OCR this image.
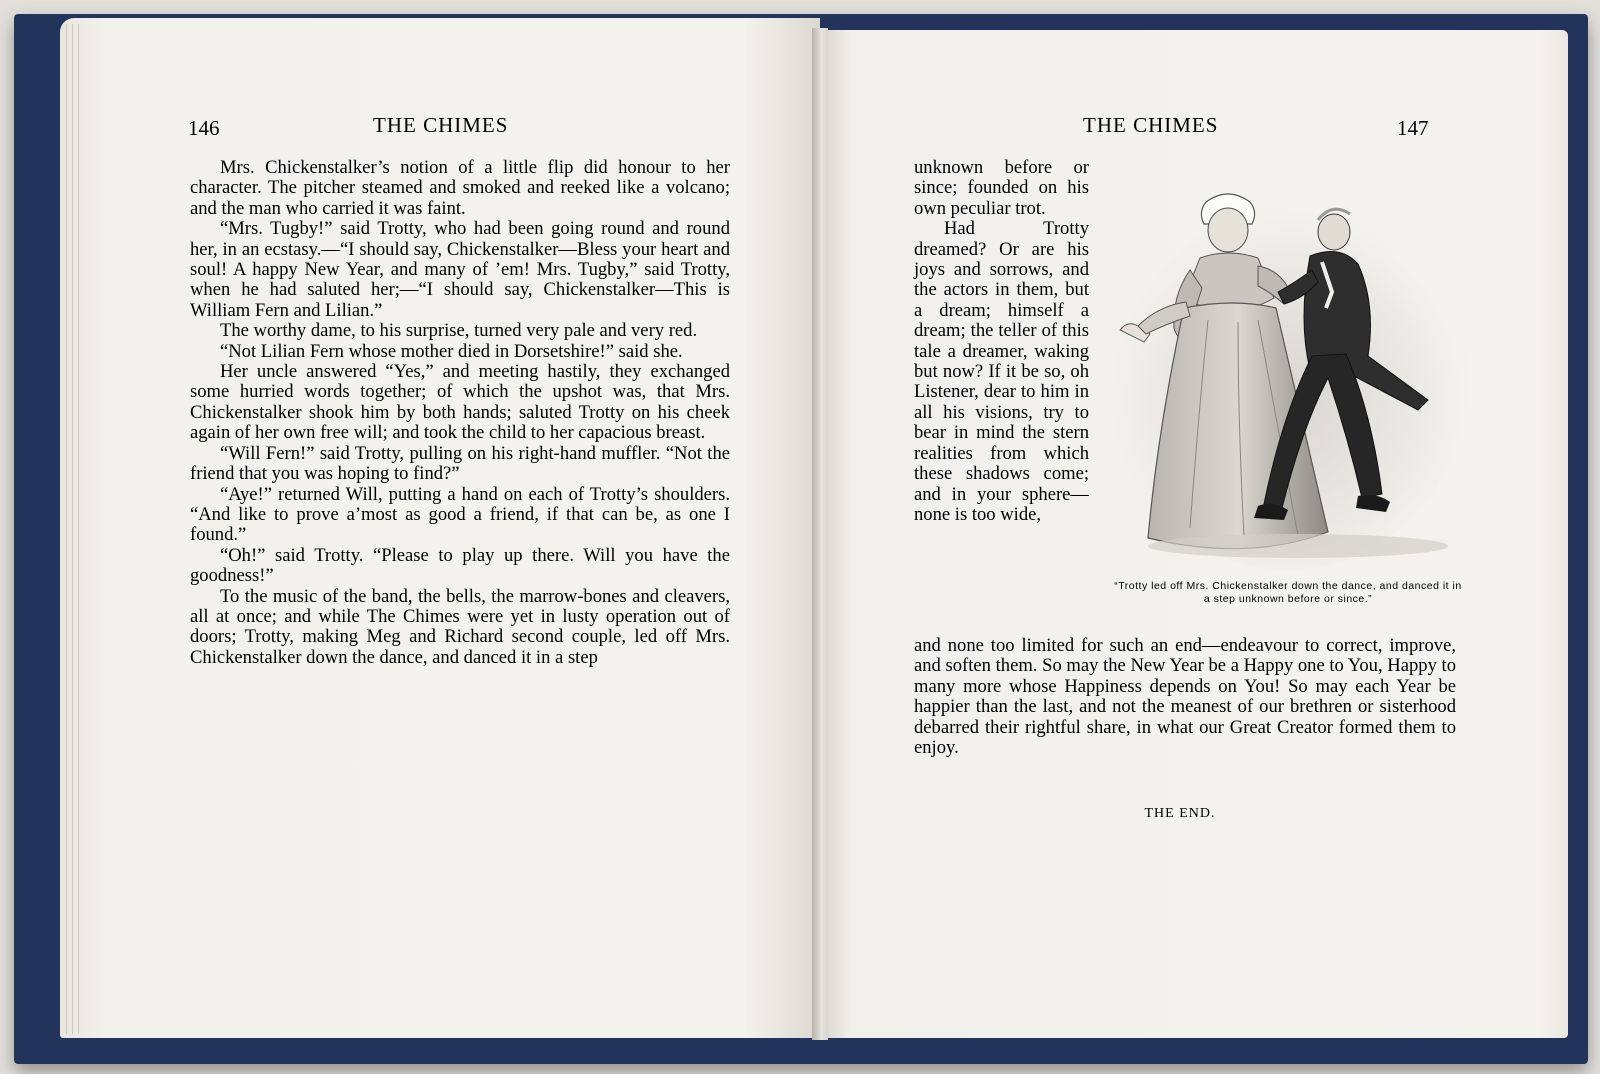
146	THE CHIMES

Mrs. Chickenstalker’s notion of a little flip did honour to her character. The pitcher steamed and smoked and reeked like a volcano; and the man who carried it was faint.

“Mrs. Tugby!” said Trotty, who had been going round and round her, in an ecstasy.—“I should say, Chickenstalker—Bless your heart and soul! A happy New Year, and many of ’em! Mrs. Tugby,” said Trotty, when he had saluted her;—“I should say, Chickenstalker—This is William Fern and Lilian.”

The worthy dame, to his surprise, turned very pale and very red.

“Not Lilian Fern whose mother died in Dorsetshire!” said she.

Her uncle answered “Yes,” and meeting hastily, they exchanged some hurried words together; of which the upshot was, that Mrs. Chickenstalker shook him by both hands; saluted Trotty on his cheek again of her own free will; and took the child to her capacious breast.

“Will Fern!” said Trotty, pulling on his right-hand muffler. “Not the friend that you was hoping to find?”

“Aye!” returned Will, putting a hand on each of Trotty’s shoulders. “And like to prove a’most as good a friend, if that can be, as one I found.”

“Oh!” said Trotty. “Please to play up there. Will you have the goodness!”

To the music of the band, the bells, the marrow-bones and cleavers, all at once; and while The Chimes were yet in lusty operation out of doors; Trotty, making Meg and Richard second couple, led off Mrs. Chickenstalker down the dance, and danced it in a step

THE CHIMES	147

unknown before or since; founded on his own peculiar trot.

Had Trotty dreamed? Or are his joys and sorrows, and the actors in them, but a dream; himself a dream; the teller of this tale a dreamer, waking but now? If it be so, oh Listener, dear to him in all his visions, try to bear in mind the stern realities from which these shadows come; and in your sphere—none is too wide,

“Trotty led off Mrs. Chickenstalker down the dance, and danced it in a step unknown before or since.”

and none too limited for such an end—endeavour to correct, improve, and soften them. So may the New Year be a Happy one to You, Happy to many more whose Happiness depends on You! So may each Year be happier than the last, and not the meanest of our brethren or sisterhood debarred their rightful share, in what our Great Creator formed them to enjoy.

THE END.
